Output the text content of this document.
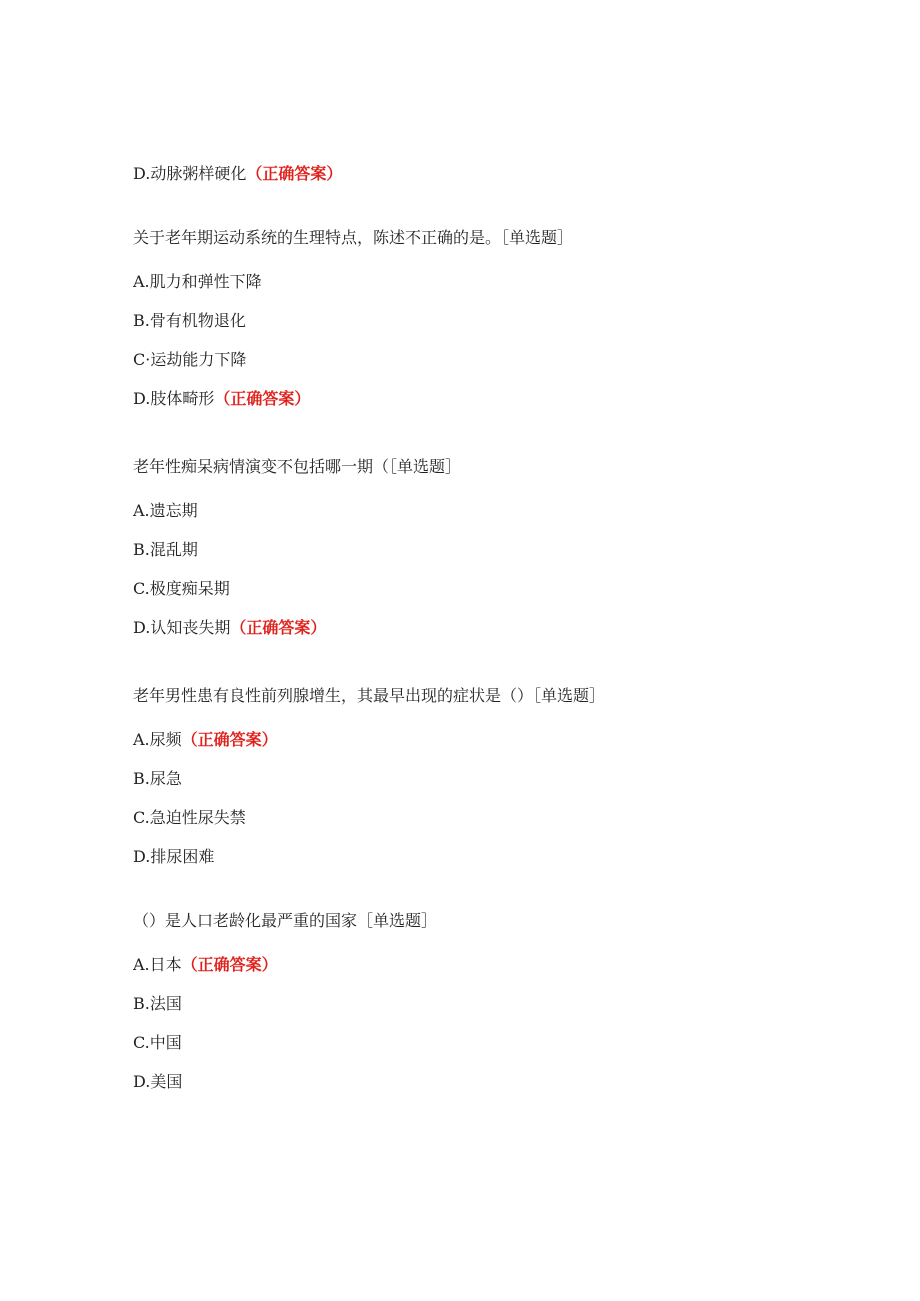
D.动脉粥样硬化（正确答案）
关于老年期运动系统的生理特点，陈述不正确的是。［单选题］
A.肌力和弹性下降
B.骨有机物退化
C·运劫能力下降
D.肢体畸形（正确答案）
老年性痴呆病情演变不包括哪一期（［单选题］
A.遗忘期
B.混乱期
C.极度痴呆期
D.认知丧失期（正确答案）
老年男性患有良性前列腺增生，其最早出现的症状是（）［单选题］
A.尿频（正确答案）
B.尿急
C.急迫性尿失禁
D.排尿困难
（）是人口老龄化最严重的国家［单选题］
A.日本（正确答案）
B.法国
C.中国
D.美国
